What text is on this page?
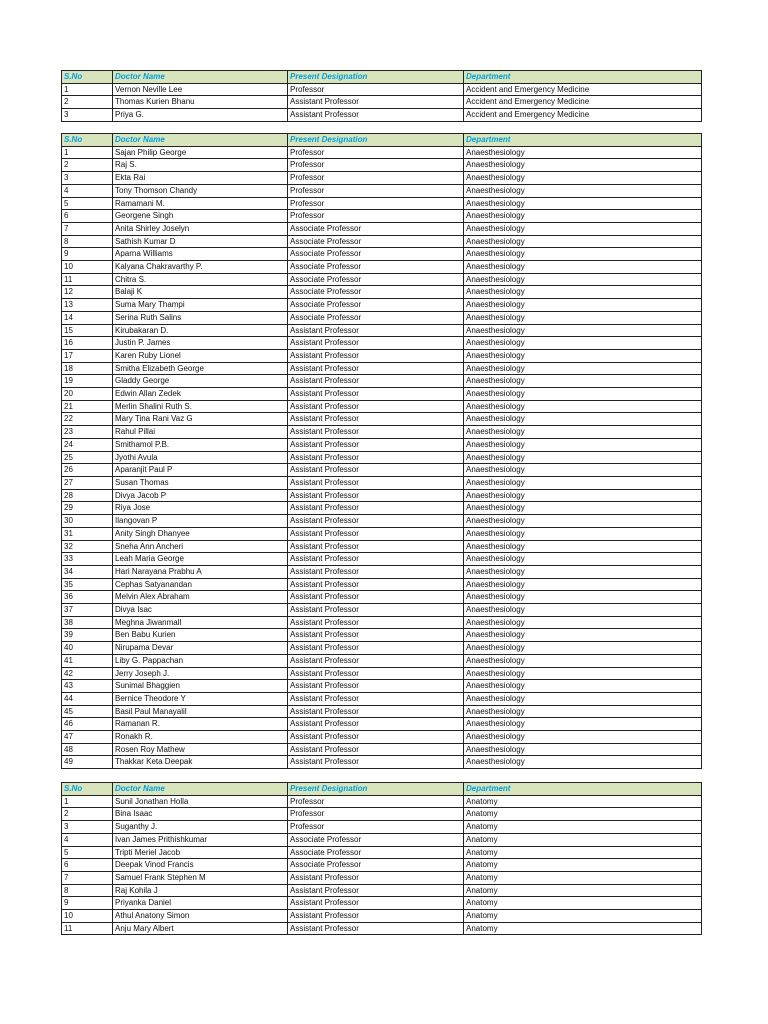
S.No	Doctor Name	Present Designation	Department
1	Vernon Neville Lee	Professor	Accident and Emergency Medicine
2	Thomas Kurien Bhanu	Assistant Professor	Accident and Emergency Medicine
3	Priya G.	Assistant Professor	Accident and Emergency Medicine
S.No	Doctor Name	Present Designation	Department
1	Sajan Philip George	Professor	Anaesthesiology
2	Raj S.	Professor	Anaesthesiology
3	Ekta Rai	Professor	Anaesthesiology
4	Tony Thomson Chandy	Professor	Anaesthesiology
5	Ramamani M.	Professor	Anaesthesiology
6	Georgene Singh	Professor	Anaesthesiology
7	Anita Shirley Joselyn	Associate Professor	Anaesthesiology
8	Sathish Kumar D	Associate Professor	Anaesthesiology
9	Aparna Williams	Associate Professor	Anaesthesiology
10	Kalyana Chakravarthy P.	Associate Professor	Anaesthesiology
11	Chitra S.	Associate Professor	Anaesthesiology
12	Balaji K	Associate Professor	Anaesthesiology
13	Suma Mary Thampi	Associate Professor	Anaesthesiology
14	Serina Ruth Salins	Associate Professor	Anaesthesiology
15	Kirubakaran D.	Assistant Professor	Anaesthesiology
16	Justin P. James	Assistant Professor	Anaesthesiology
17	Karen Ruby Lionel	Assistant Professor	Anaesthesiology
18	Smitha Elizabeth George	Assistant Professor	Anaesthesiology
19	Gladdy George	Assistant Professor	Anaesthesiology
20	Edwin Allan Zedek	Assistant Professor	Anaesthesiology
21	Merlin Shalini Ruth S.	Assistant Professor	Anaesthesiology
22	Mary Tina Rani Vaz G	Assistant Professor	Anaesthesiology
23	Rahul Pillai	Assistant Professor	Anaesthesiology
24	Smithamol P.B.	Assistant Professor	Anaesthesiology
25	Jyothi Avula	Assistant Professor	Anaesthesiology
26	Aparanjit Paul P	Assistant Professor	Anaesthesiology
27	Susan Thomas	Assistant Professor	Anaesthesiology
28	Divya Jacob P	Assistant Professor	Anaesthesiology
29	Riya Jose	Assistant Professor	Anaesthesiology
30	Ilangovan P	Assistant Professor	Anaesthesiology
31	Anity Singh Dhanyee	Assistant Professor	Anaesthesiology
32	Sneha Ann Ancheri	Assistant Professor	Anaesthesiology
33	Leah Maria George	Assistant Professor	Anaesthesiology
34	Hari Narayana Prabhu A	Assistant Professor	Anaesthesiology
35	Cephas Satyanandan	Assistant Professor	Anaesthesiology
36	Melvin Alex Abraham	Assistant Professor	Anaesthesiology
37	Divya Isac	Assistant Professor	Anaesthesiology
38	Meghna Jiwanmall	Assistant Professor	Anaesthesiology
39	Ben Babu Kurien	Assistant Professor	Anaesthesiology
40	Nirupama Devar	Assistant Professor	Anaesthesiology
41	Liby G. Pappachan	Assistant Professor	Anaesthesiology
42	Jerry Joseph J.	Assistant Professor	Anaesthesiology
43	Sunimal Bhaggien	Assistant Professor	Anaesthesiology
44	Bernice Theodore Y	Assistant Professor	Anaesthesiology
45	Basil Paul Manayalil	Assistant Professor	Anaesthesiology
46	Ramanan R.	Assistant Professor	Anaesthesiology
47	Ronakh R.	Assistant Professor	Anaesthesiology
48	Rosen Roy Mathew	Assistant Professor	Anaesthesiology
49	Thakkar Keta Deepak	Assistant Professor	Anaesthesiology
S.No	Doctor Name	Present Designation	Department
1	Sunil Jonathan Holla	Professor	Anatomy
2	Bina Isaac	Professor	Anatomy
3	Suganthy J.	Professor	Anatomy
4	Ivan James Prithishkumar	Associate Professor	Anatomy
5	Tripti Meriel Jacob	Associate Professor	Anatomy
6	Deepak Vinod Francis	Associate Professor	Anatomy
7	Samuel Frank Stephen M	Assistant Professor	Anatomy
8	Raj Kohila J	Assistant Professor	Anatomy
9	Priyanka Daniel	Assistant Professor	Anatomy
10	Athul Anatony Simon	Assistant Professor	Anatomy
11	Anju Mary Albert	Assistant Professor	Anatomy
